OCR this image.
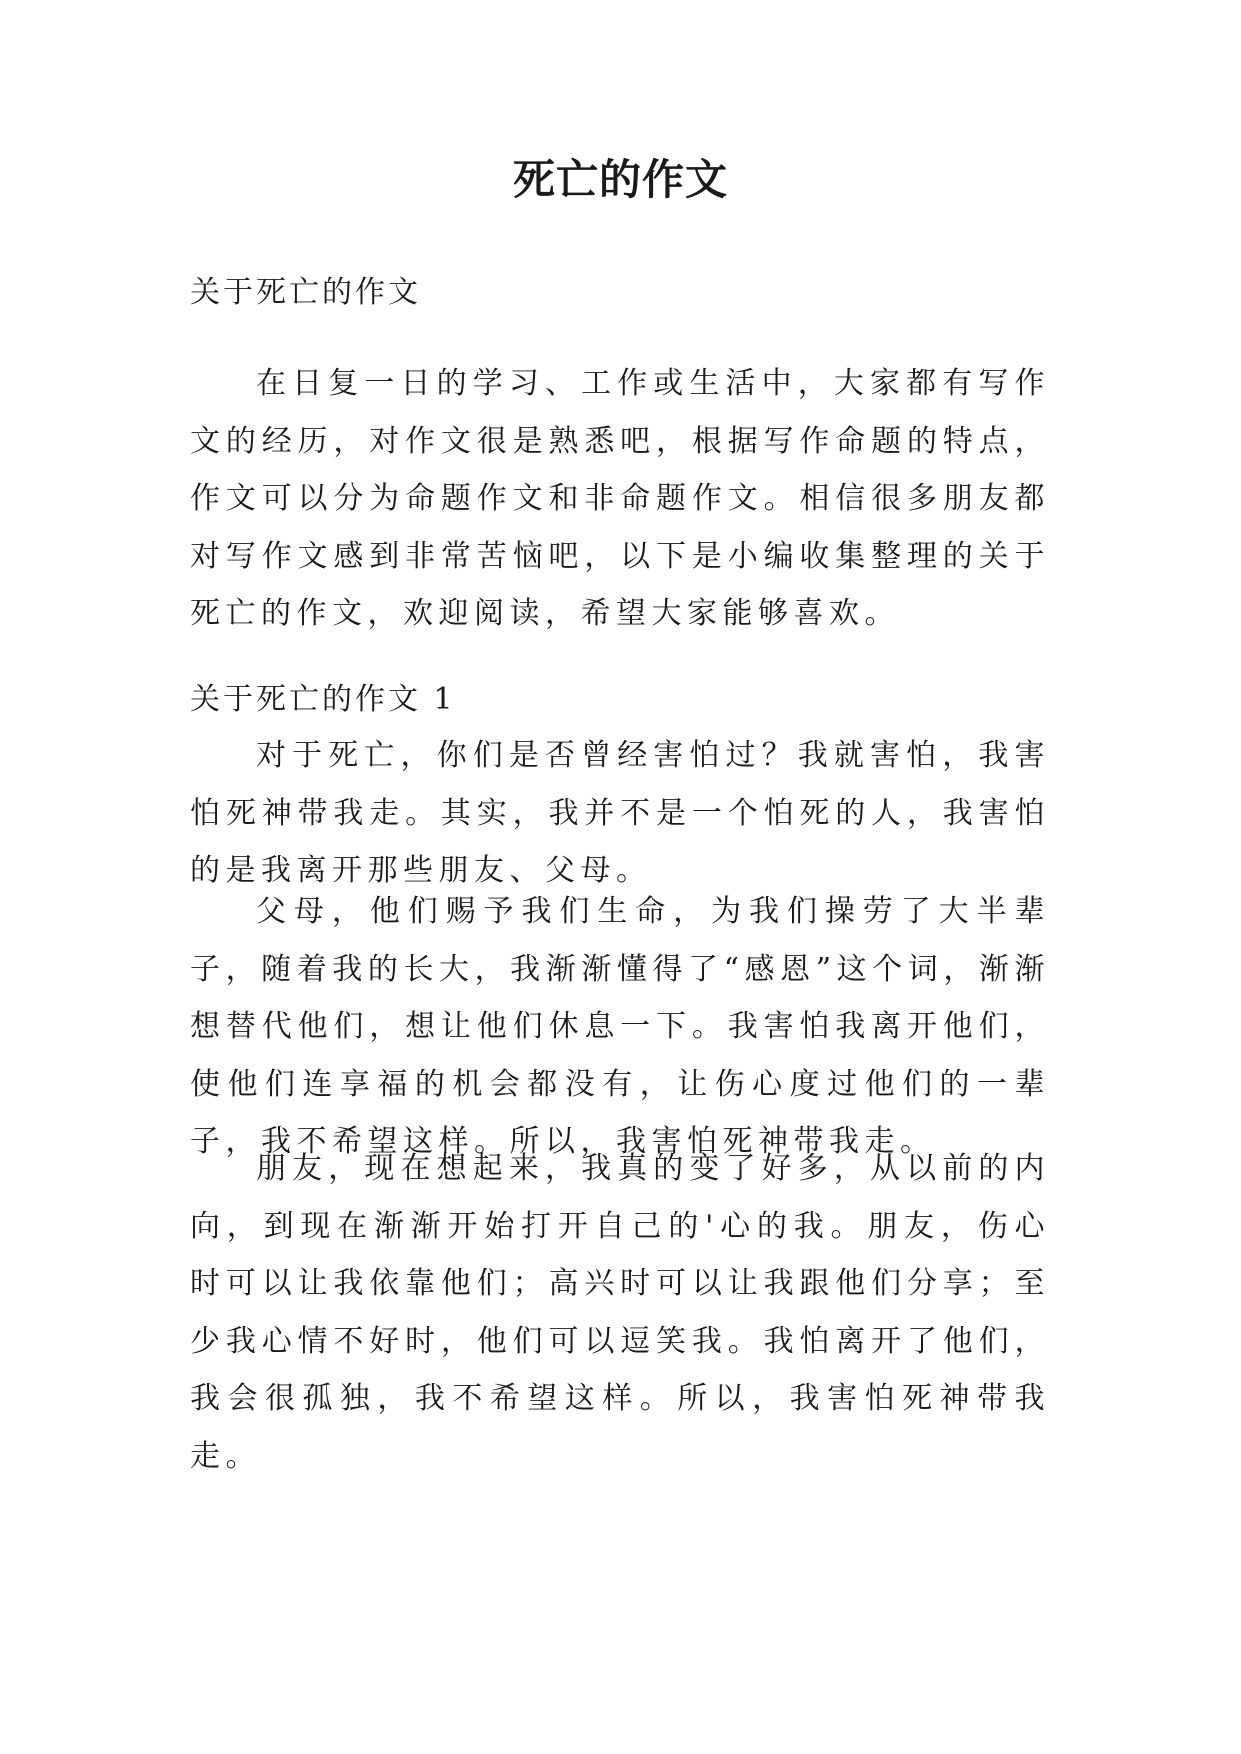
死亡的作文

关于死亡的作文

在日复一日的学习、工作或生活中，大家都有写作文的经历，对作文很是熟悉吧，根据写作命题的特点，作文可以分为命题作文和非命题作文。相信很多朋友都对写作文感到非常苦恼吧，以下是小编收集整理的关于死亡的作文，欢迎阅读，希望大家能够喜欢。

关于死亡的作文 1

对于死亡，你们是否曾经害怕过？我就害怕，我害怕死神带我走。其实，我并不是一个怕死的人，我害怕的是我离开那些朋友、父母。

父母，他们赐予我们生命，为我们操劳了大半辈子，随着我的长大，我渐渐懂得了“感恩”这个词，渐渐想替代他们，想让他们休息一下。我害怕我离开他们，使他们连享福的机会都没有，让伤心度过他们的一辈子，我不希望这样。所以，我害怕死神带我走。

朋友，现在想起来，我真的变了好多，从以前的内向，到现在渐渐开始打开自己的'心的我。朋友，伤心时可以让我依靠他们；高兴时可以让我跟他们分享；至少我心情不好时，他们可以逗笑我。我怕离开了他们，我会很孤独，我不希望这样。所以，我害怕死神带我走。
